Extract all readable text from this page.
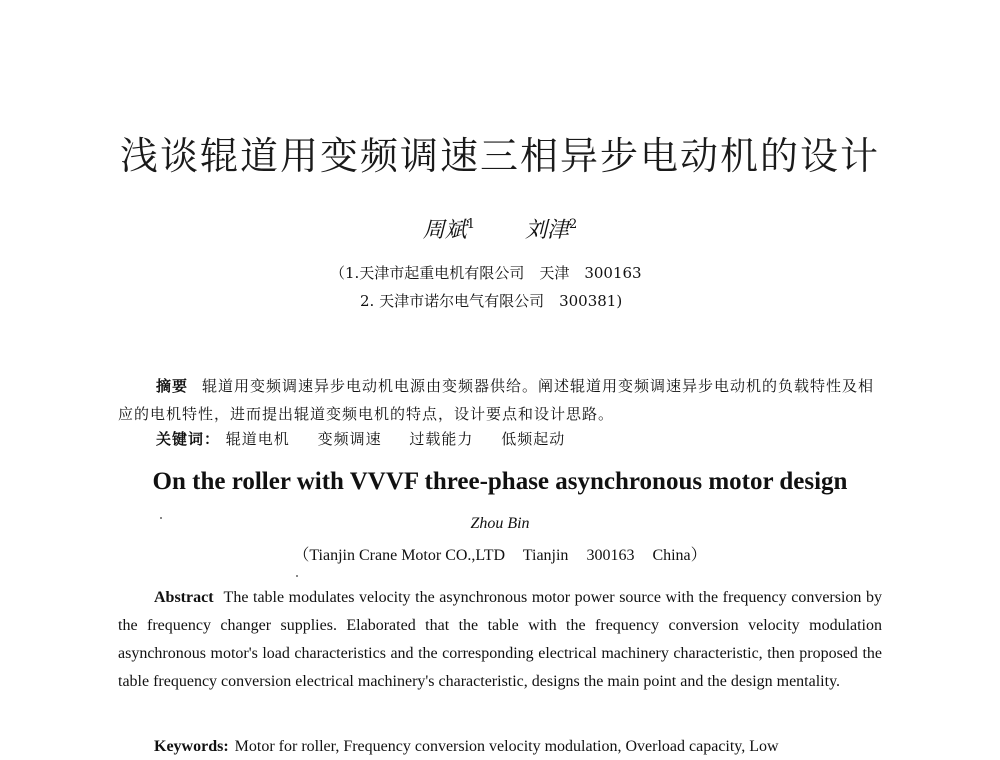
浅谈辊道用变频调速三相异步电动机的设计
周斌$^1$ 刘津$^2$
（1.天津市起重电机有限公司　天津　300163
2. 天津市诺尔电气有限公司　300381)

摘要 辊道用变频调速异步电动机电源由变频器供给。阐述辊道用变频调速异步电动机的负载特性及相应的电机特性，进而提出辊道变频电机的特点，设计要点和设计思路。

关键词： 辊道电机 变频调速 过载能力 低频起动
On the roller with VVVF three-phase asynchronous motor design
Zhou Bin
（Tianjin Crane Motor CO.,LTD Tianjin 300163 China）

Abstract The table modulates velocity the asynchronous motor power source with the frequency conversion by the frequency changer supplies. Elaborated that the table with the frequency conversion velocity modulation asynchronous motor's load characteristics and the corresponding electrical machinery characteristic, then proposed the table frequency conversion electrical machinery's characteristic, designs the main point and the design mentality.

Keywords: Motor for roller, Frequency conversion velocity modulation, Overload capacity, Low
